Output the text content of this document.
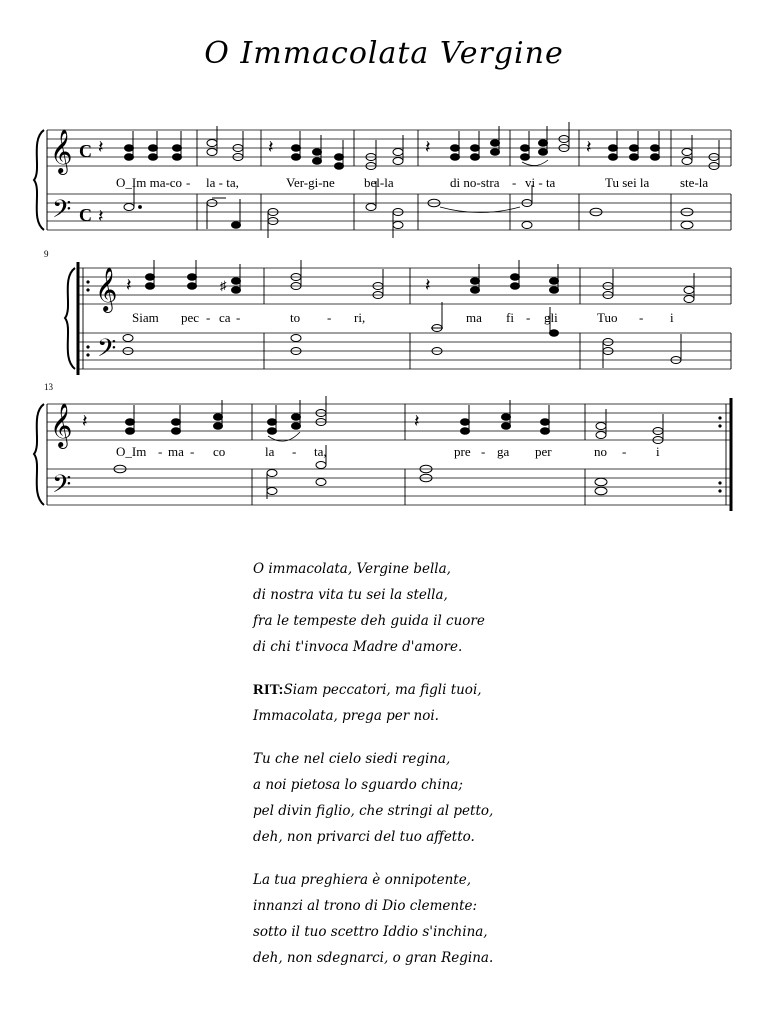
O Immacolata Vergine
𝄞
𝄢
C
C
𝄽	𝄽	𝄽	𝄽
𝄽
O_Im ma-co - la - ta,	Ver-gi-ne bel-la	di no-stra - vi - ta	Tu sei la ste-la
9
𝄞
𝄢
𝄽	♯	𝄽
Siam pec - ca -	to - ri,	ma fi - gli	Tuo - i
13
𝄞
𝄢
𝄽	𝄽
O_Im - ma - co	la - ta,	pre - ga per	no - i
O immacolata, Vergine bella,
di nostra vita tu sei la stella,
fra le tempeste deh guida il cuore
di chi t'invoca Madre d'amore.
RIT:Siam peccatori, ma figli tuoi,
Immacolata, prega per noi.
Tu che nel cielo siedi regina,
a noi pietosa lo sguardo china;
pel divin figlio, che stringi al petto,
deh, non privarci del tuo affetto.
La tua preghiera è onnipotente,
innanzi al trono di Dio clemente:
sotto il tuo scettro Iddio s'inchina,
deh, non sdegnarci, o gran Regina.
